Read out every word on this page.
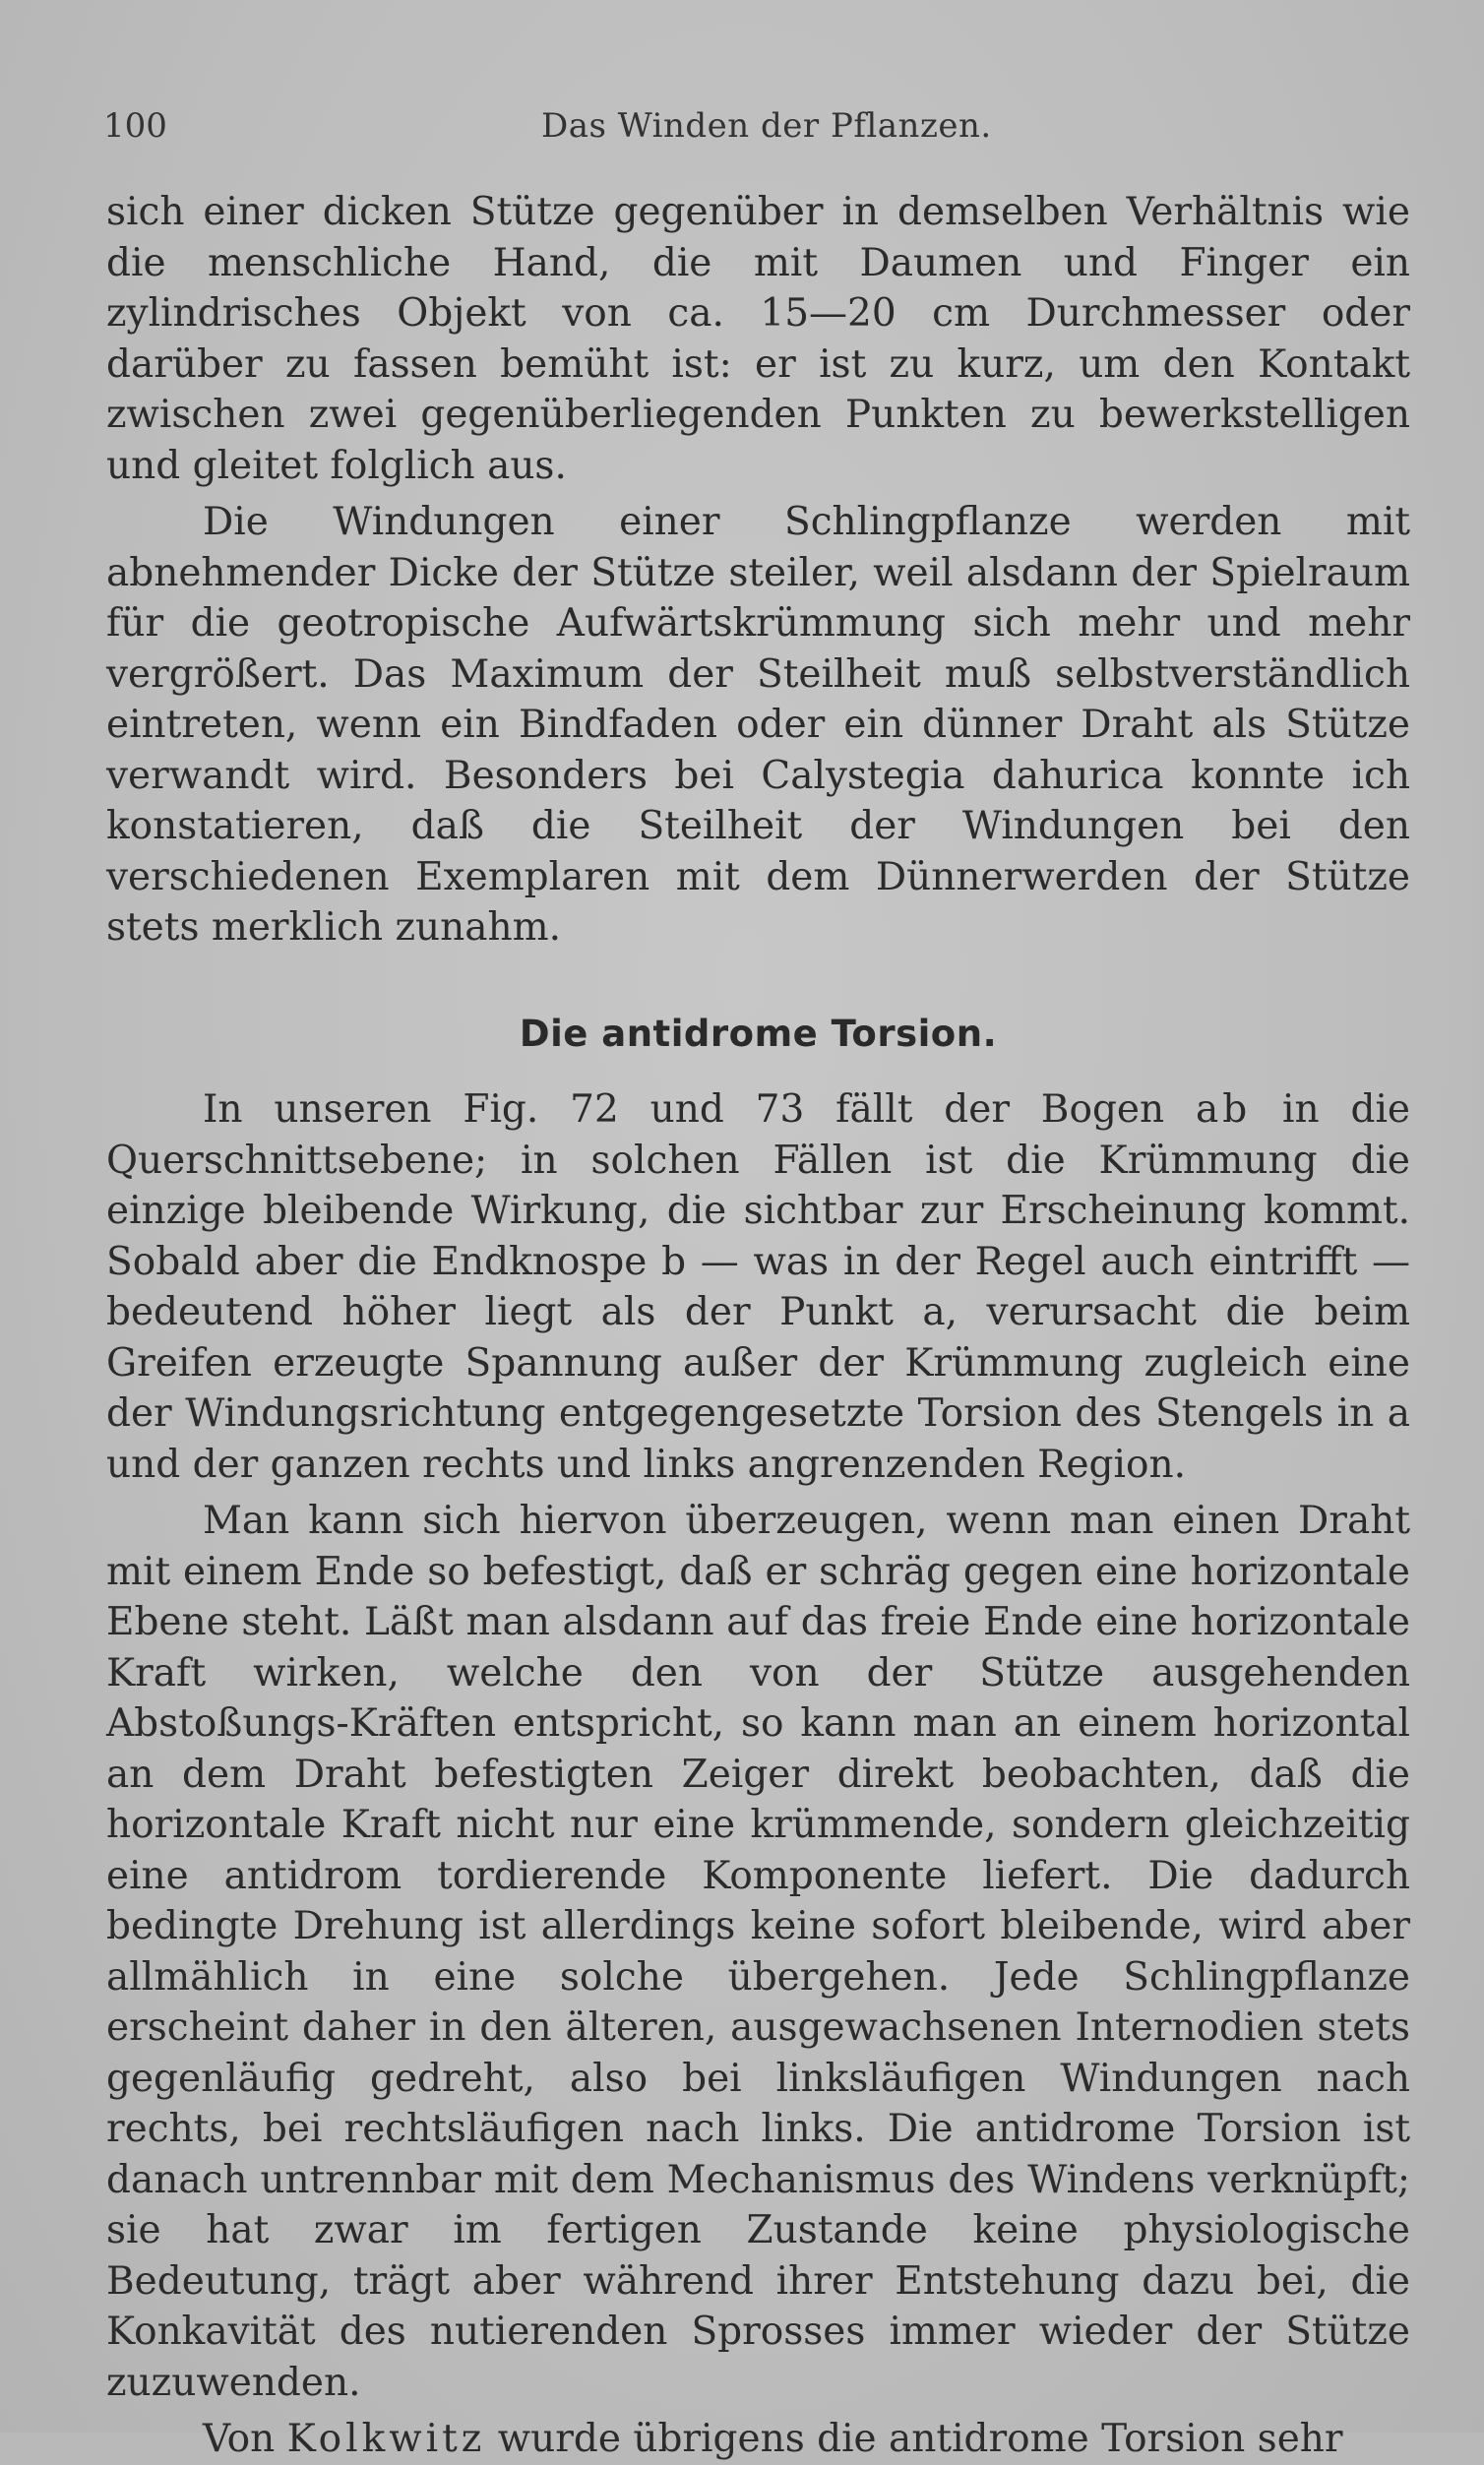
100	Das Winden der Pflanzen.

sich einer dicken Stütze gegenüber in demselben Verhältnis wie die menschliche Hand, die mit Daumen und Finger ein zylindrisches Objekt von ca. 15—20 cm Durchmesser oder darüber zu fassen bemüht ist: er ist zu kurz, um den Kontakt zwischen zwei gegenüberliegenden Punkten zu bewerkstelligen und gleitet folglich aus.

Die Windungen einer Schlingpflanze werden mit abnehmender Dicke der Stütze steiler, weil alsdann der Spielraum für die geotropische Aufwärtskrümmung sich mehr und mehr vergrößert. Das Maximum der Steilheit muß selbstverständlich eintreten, wenn ein Bindfaden oder ein dünner Draht als Stütze verwandt wird. Besonders bei Calystegia dahurica konnte ich konstatieren, daß die Steilheit der Windungen bei den verschiedenen Exemplaren mit dem Dünnerwerden der Stütze stets merklich zunahm.

Die antidrome Torsion.

In unseren Fig. 72 und 73 fällt der Bogen ab in die Querschnittsebene; in solchen Fällen ist die Krümmung die einzige bleibende Wirkung, die sichtbar zur Erscheinung kommt. Sobald aber die Endknospe b — was in der Regel auch eintrifft — bedeutend höher liegt als der Punkt a, verursacht die beim Greifen erzeugte Spannung außer der Krümmung zugleich eine der Windungsrichtung entgegengesetzte Torsion des Stengels in a und der ganzen rechts und links angrenzenden Region.

Man kann sich hiervon überzeugen, wenn man einen Draht mit einem Ende so befestigt, daß er schräg gegen eine horizontale Ebene steht. Läßt man alsdann auf das freie Ende eine horizontale Kraft wirken, welche den von der Stütze ausgehenden Abstoßungs-Kräften entspricht, so kann man an einem horizontal an dem Draht befestigten Zeiger direkt beobachten, daß die horizontale Kraft nicht nur eine krümmende, sondern gleichzeitig eine antidrom tordierende Komponente liefert. Die dadurch bedingte Drehung ist allerdings keine sofort bleibende, wird aber allmählich in eine solche übergehen. Jede Schlingpflanze erscheint daher in den älteren, ausgewachsenen Internodien stets gegenläufig gedreht, also bei linksläufigen Windungen nach rechts, bei rechtsläufigen nach links. Die antidrome Torsion ist danach untrennbar mit dem Mechanismus des Windens verknüpft; sie hat zwar im fertigen Zustande keine physiologische Bedeutung, trägt aber während ihrer Entstehung dazu bei, die Konkavität des nutierenden Sprosses immer wieder der Stütze zuzuwenden.

Von Kolkwitz wurde übrigens die antidrome Torsion sehr
